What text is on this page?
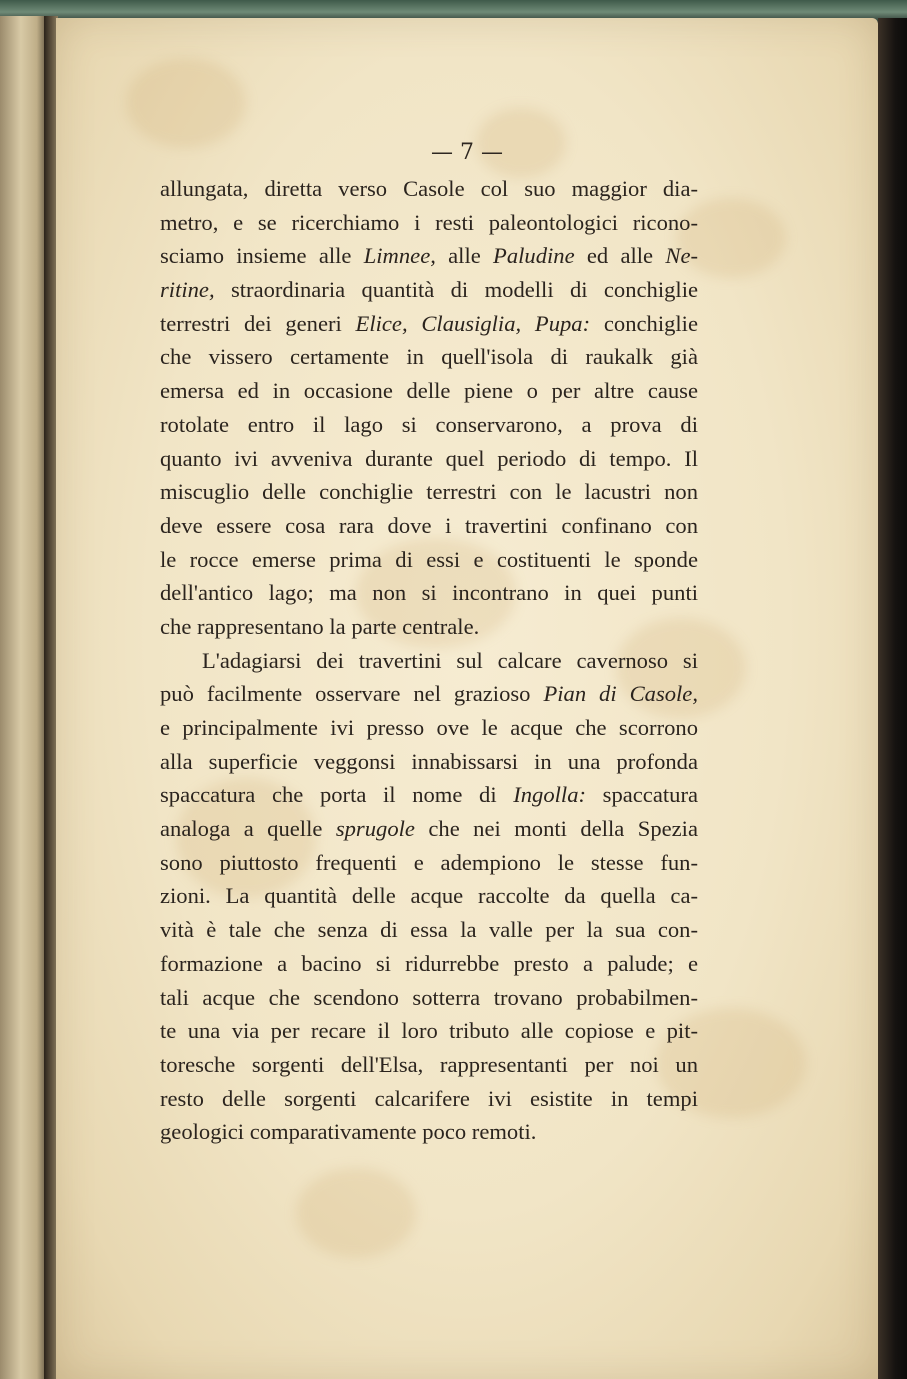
— 7 —
allungata, diretta verso Casole col suo maggior dia-
metro, e se ricerchiamo i resti paleontologici ricono-
sciamo insieme alle Limnee, alle Paludine ed alle Ne-
ritine, straordinaria quantità di modelli di conchiglie
terrestri dei generi Elice, Clausiglia, Pupa: conchiglie
che vissero certamente in quell'isola di raukalk già
emersa ed in occasione delle piene o per altre cause
rotolate entro il lago si conservarono, a prova di
quanto ivi avveniva durante quel periodo di tempo. Il
miscuglio delle conchiglie terrestri con le lacustri non
deve essere cosa rara dove i travertini confinano con
le rocce emerse prima di essi e costituenti le sponde
dell'antico lago; ma non si incontrano in quei punti
che rappresentano la parte centrale.
L'adagiarsi dei travertini sul calcare cavernoso si
può facilmente osservare nel grazioso Pian di Casole,
e principalmente ivi presso ove le acque che scorrono
alla superficie veggonsi innabissarsi in una profonda
spaccatura che porta il nome di Ingolla: spaccatura
analoga a quelle sprugole che nei monti della Spezia
sono piuttosto frequenti e adempiono le stesse fun-
zioni. La quantità delle acque raccolte da quella ca-
vità è tale che senza di essa la valle per la sua con-
formazione a bacino si ridurrebbe presto a palude; e
tali acque che scendono sotterra trovano probabilmen-
te una via per recare il loro tributo alle copiose e pit-
toresche sorgenti dell'Elsa, rappresentanti per noi un
resto delle sorgenti calcarifere ivi esistite in tempi
geologici comparativamente poco remoti.
